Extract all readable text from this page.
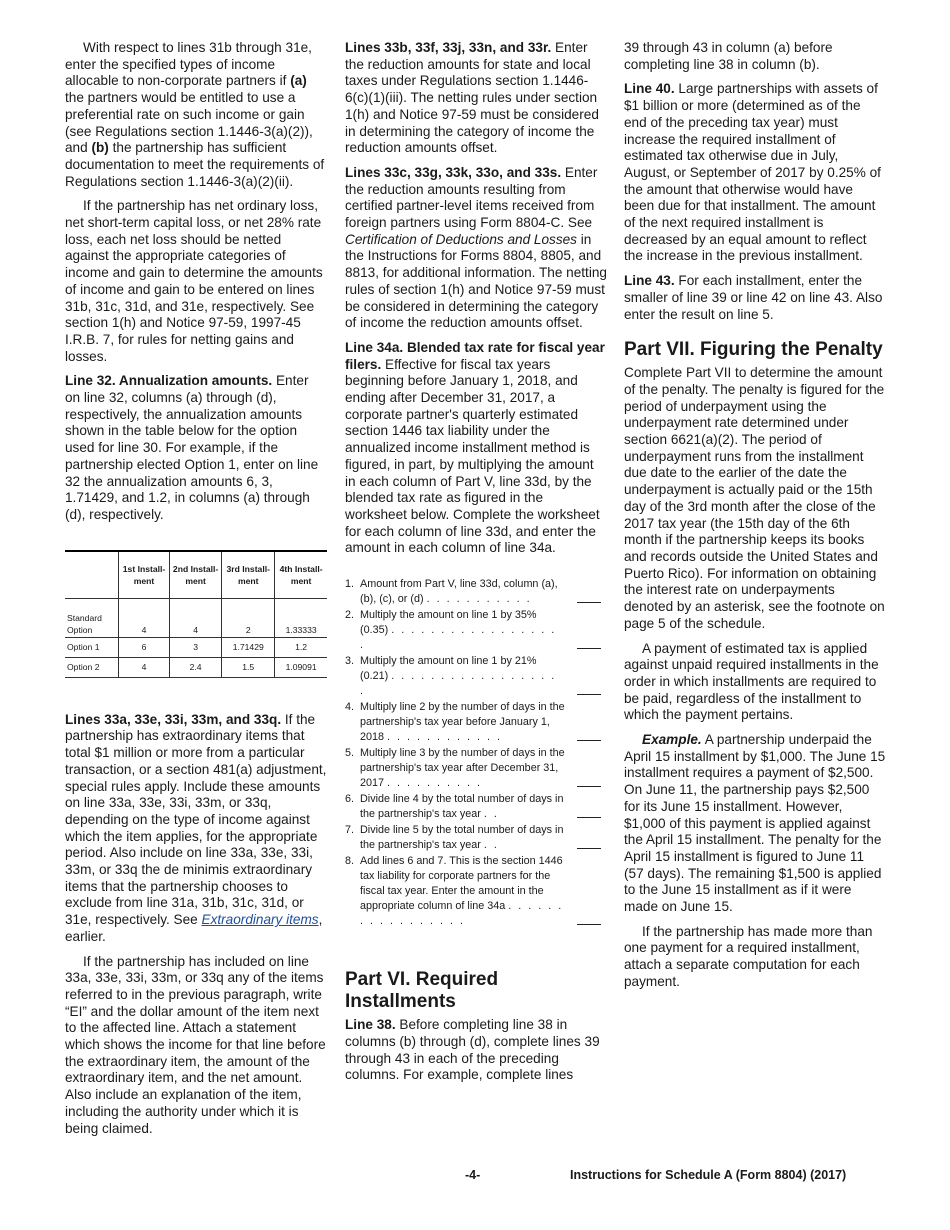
With respect to lines 31b through 31e, enter the specified types of income allocable to non-corporate partners if (a) the partners would be entitled to use a preferential rate on such income or gain (see Regulations section 1.1446-3(a)(2)), and (b) the partnership has sufficient documentation to meet the requirements of Regulations section 1.1446-3(a)(2)(ii).

If the partnership has net ordinary loss, net short-term capital loss, or net 28% rate loss, each net loss should be netted against the appropriate categories of income and gain to determine the amounts of income and gain to be entered on lines 31b, 31c, 31d, and 31e, respectively. See section 1(h) and Notice 97-59, 1997-45 I.R.B. 7, for rules for netting gains and losses.

Line 32. Annualization amounts. Enter on line 32, columns (a) through (d), respectively, the annualization amounts shown in the table below for the option used for line 30. For example, if the partnership elected Option 1, enter on line 32 the annualization amounts 6, 3, 1.71429, and 1.2, in columns (a) through (d), respectively.

	1st Install-ment	2nd Install-ment	3rd Install-ment	4th Install-ment
Standard Option	4	4	2	1.33333
Option 1	6	3	1.71429	1.2
Option 2	4	2.4	1.5	1.09091

Lines 33a, 33e, 33i, 33m, and 33q. If the partnership has extraordinary items that total $1 million or more from a particular transaction, or a section 481(a) adjustment, special rules apply. Include these amounts on line 33a, 33e, 33i, 33m, or 33q, depending on the type of income against which the item applies, for the appropriate period. Also include on line 33a, 33e, 33i, 33m, or 33q the de minimis extraordinary items that the partnership chooses to exclude from line 31a, 31b, 31c, 31d, or 31e, respectively. See Extraordinary items, earlier.

If the partnership has included on line 33a, 33e, 33i, 33m, or 33q any of the items referred to in the previous paragraph, write “EI” and the dollar amount of the item next to the affected line. Attach a statement which shows the income for that line before the extraordinary item, the amount of the extraordinary item, and the net amount. Also include an explanation of the item, including the authority under which it is being claimed.

Lines 33b, 33f, 33j, 33n, and 33r. Enter the reduction amounts for state and local taxes under Regulations section 1.1446-6(c)(1)(iii). The netting rules under section 1(h) and Notice 97-59 must be considered in determining the category of income the reduction amounts offset.

Lines 33c, 33g, 33k, 33o, and 33s. Enter the reduction amounts resulting from certified partner-level items received from foreign partners using Form 8804-C. See Certification of Deductions and Losses in the Instructions for Forms 8804, 8805, and 8813, for additional information. The netting rules of section 1(h) and Notice 97-59 must be considered in determining the category of income the reduction amounts offset.

Line 34a. Blended tax rate for fiscal year filers. Effective for fiscal tax years beginning before January 1, 2018, and ending after December 31, 2017, a corporate partner's quarterly estimated section 1446 tax liability under the annualized income installment method is figured, in part, by multiplying the amount in each column of Part V, line 33d, by the blended tax rate as figured in the worksheet below. Complete the worksheet for each column of line 33d, and enter the amount in each column of line 34a.

1. Amount from Part V, line 33d, column (a), (b), (c), or (d) . . . . . . . . . . .
2. Multiply the amount on line 1 by 35% (0.35) . . . . . . . . . . . . . . . . . .
3. Multiply the amount on line 1 by 21% (0.21) . . . . . . . . . . . . . . . . . .
4. Multiply line 2 by the number of days in the partnership's tax year before January 1, 2018 . . . . . . . . . . . .
5. Multiply line 3 by the number of days in the partnership's tax year after December 31, 2017 . . . . . . . . . .
6. Divide line 4 by the total number of days in the partnership's tax year . .
7. Divide line 5 by the total number of days in the partnership's tax year . .
8. Add lines 6 and 7. This is the section 1446 tax liability for corporate partners for the fiscal tax year. Enter the amount in the appropriate column of line 34a . . . . . . . . . . . . . . . . .
Part VI. Required Installments

Line 38. Before completing line 38 in columns (b) through (d), complete lines 39 through 43 in each of the preceding columns. For example, complete lines

39 through 43 in column (a) before completing line 38 in column (b).

Line 40. Large partnerships with assets of $1 billion or more (determined as of the end of the preceding tax year) must increase the required installment of estimated tax otherwise due in July, August, or September of 2017 by 0.25% of the amount that otherwise would have been due for that installment. The amount of the next required installment is decreased by an equal amount to reflect the increase in the previous installment.

Line 43. For each installment, enter the smaller of line 39 or line 42 on line 43. Also enter the result on line 5.

Part VII. Figuring the Penalty

Complete Part VII to determine the amount of the penalty. The penalty is figured for the period of underpayment using the underpayment rate determined under section 6621(a)(2). The period of underpayment runs from the installment due date to the earlier of the date the underpayment is actually paid or the 15th day of the 3rd month after the close of the 2017 tax year (the 15th day of the 6th month if the partnership keeps its books and records outside the United States and Puerto Rico). For information on obtaining the interest rate on underpayments denoted by an asterisk, see the footnote on page 5 of the schedule.

A payment of estimated tax is applied against unpaid required installments in the order in which installments are required to be paid, regardless of the installment to which the payment pertains.

Example. A partnership underpaid the April 15 installment by $1,000. The June 15 installment requires a payment of $2,500. On June 11, the partnership pays $2,500 for its June 15 installment. However, $1,000 of this payment is applied against the April 15 installment. The penalty for the April 15 installment is figured to June 11 (57 days). The remaining $1,500 is applied to the June 15 installment as if it were made on June 15.

If the partnership has made more than one payment for a required installment, attach a separate computation for each payment.

-4-	Instructions for Schedule A (Form 8804) (2017)
